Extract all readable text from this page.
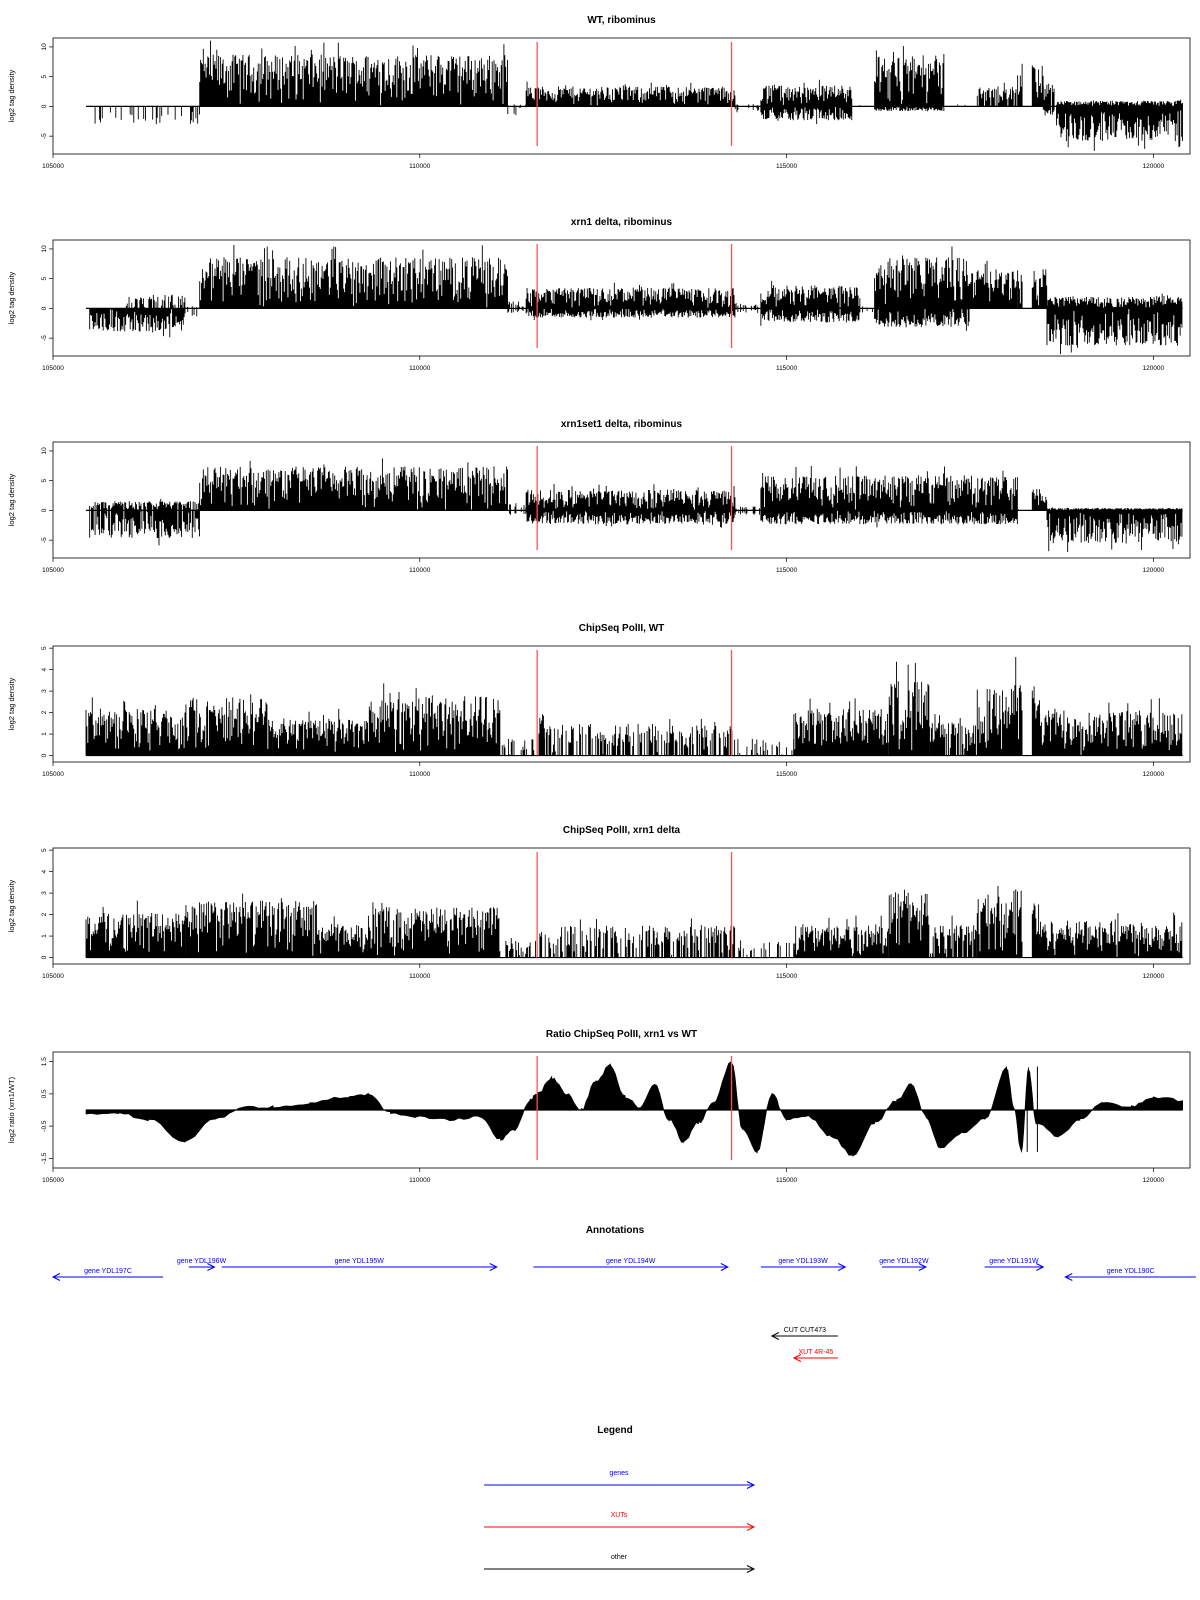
WT, ribominus
105000	110000	115000	120000
-5
0
5
10
log2 tag density
xrn1 delta, ribominus
105000	110000	115000	120000
-5
0
5
10
log2 tag density
xrn1set1 delta, ribominus
105000	110000	115000	120000
-5
0
5
10
log2 tag density
ChipSeq PolII, WT
105000	110000	115000	120000
0
1
2
3
4
5
log2 tag density
ChipSeq PolII, xrn1 delta
105000	110000	115000	120000
0
1
2
3
4
5
log2 tag density
Ratio ChipSeq PolII, xrn1 vs WT
105000	110000	115000	120000
-1.5
-0.5
0.5
1.5
log2 ratio (xrn1/WT)
Annotations
gene YDL197C
gene YDL196W	gene YDL195W	gene YDL194W	gene YDL193W	gene YDL192W	gene YDL191W
gene YDL190C
CUT CUT473
XUT 4R-45
Legend
genes
XUTs
other
